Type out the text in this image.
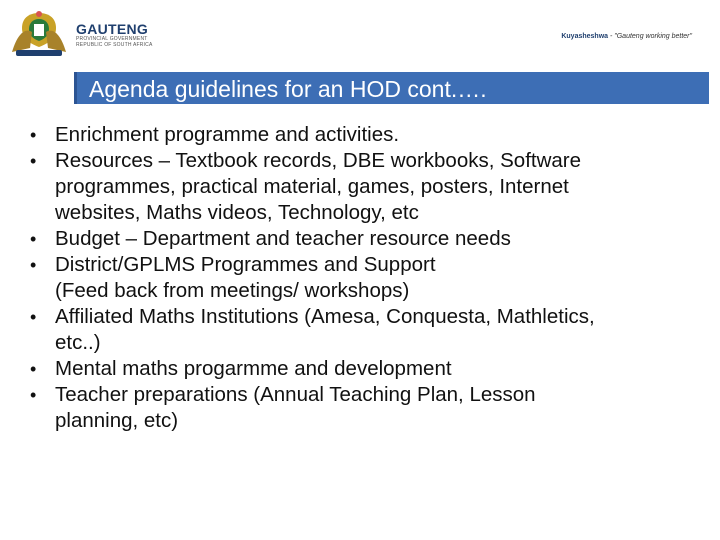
GAUTENG
PROVINCIAL GOVERNMENT
REPUBLIC OF SOUTH AFRICA
Kuyasheshwa - "Gauteng working better"
Agenda guidelines for an HOD cont.….
• Enrichment programme and activities.
• Resources – Textbook records, DBE workbooks, Software
programmes, practical material, games, posters, Internet
websites, Maths videos, Technology, etc
• Budget – Department and teacher resource needs
• District/GPLMS Programmes and Support
(Feed back from meetings/ workshops)
• Affiliated Maths Institutions (Amesa, Conquesta, Mathletics,
etc..)
• Mental maths progarmme and development
• Teacher preparations (Annual Teaching Plan, Lesson
planning, etc)
